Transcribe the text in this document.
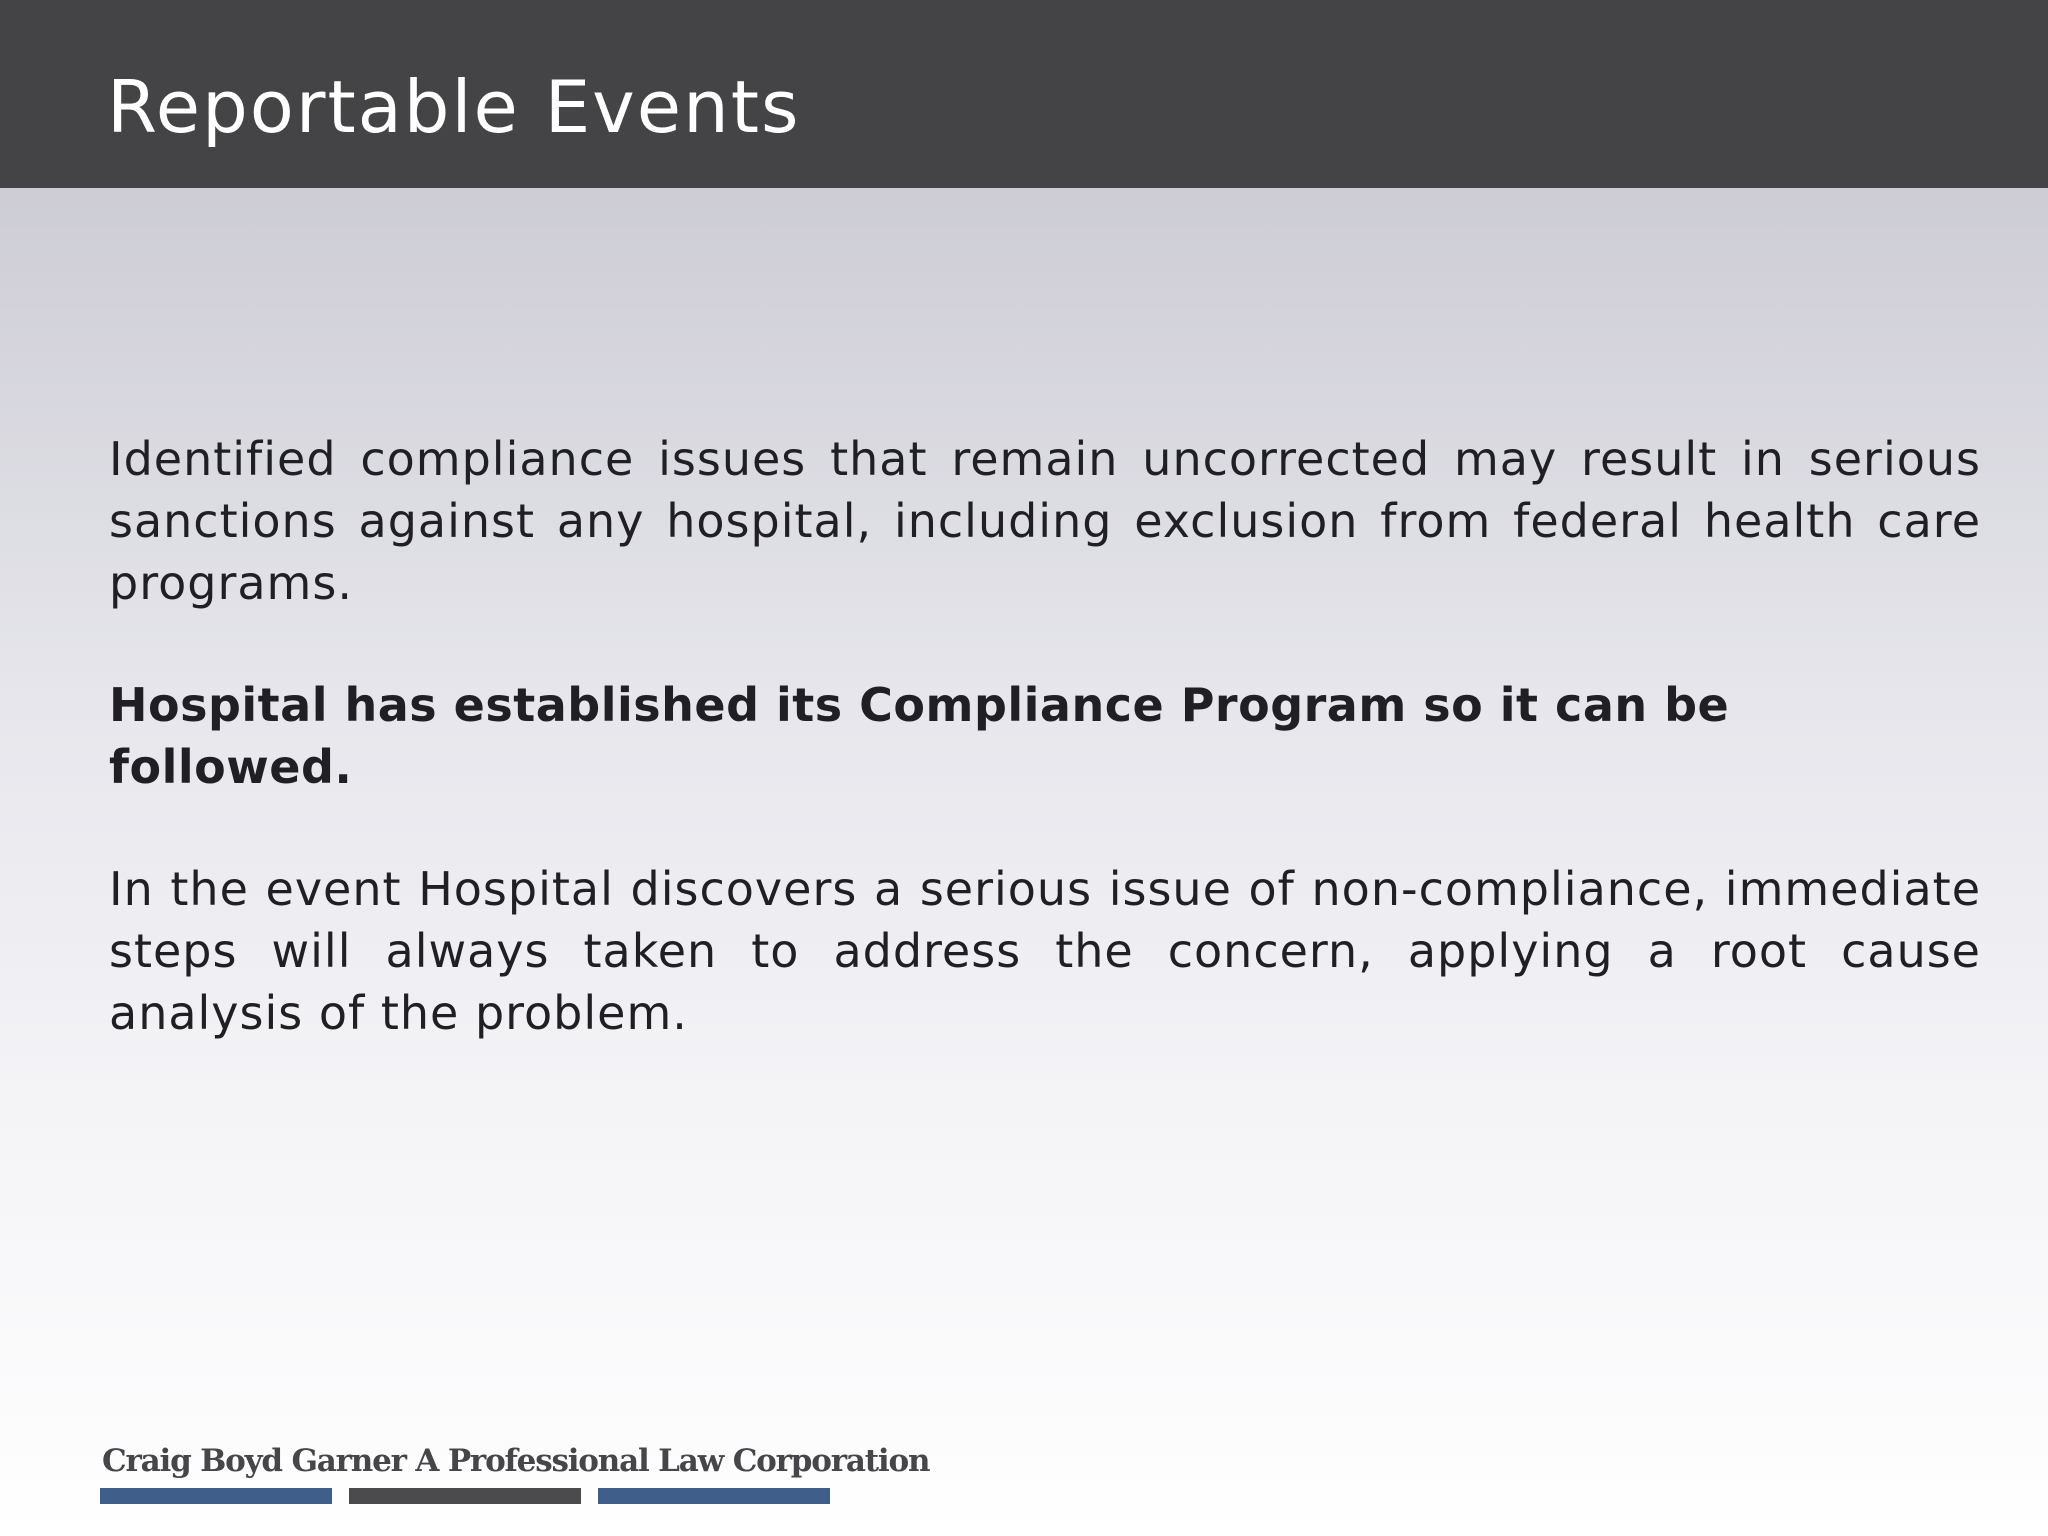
Reportable Events

Identified compliance issues that remain uncorrected may result in serious sanctions against any hospital, including exclusion from federal health care programs.

Hospital has established its Compliance Program so it can be followed.

In the event Hospital discovers a serious issue of non-compliance, immediate steps will always taken to address the concern, applying a root cause analysis of the problem.

Craig Boyd Garner A Professional Law Corporation
